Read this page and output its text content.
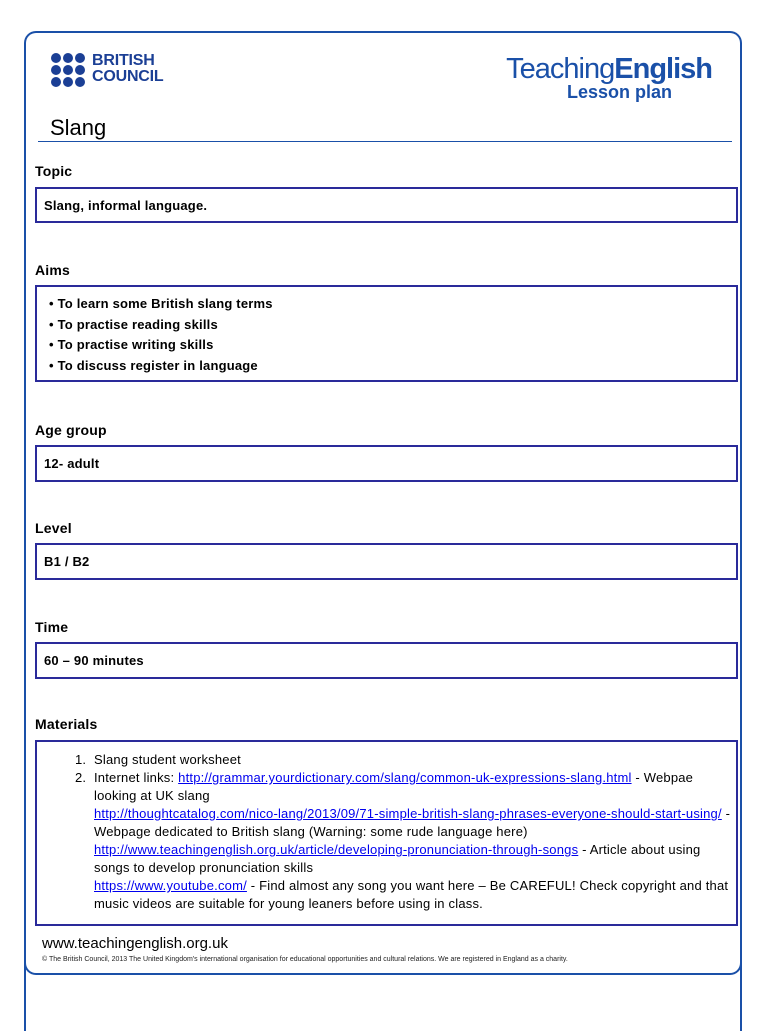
BRITISH
COUNCIL	TeachingEnglish
Lesson plan
Slang
Topic
Slang, informal language.
Aims
• To learn some British slang terms
• To practise reading skills
• To practise writing skills
• To discuss register in language
Age group
12- adult
Level
B1 / B2
Time
60 – 90 minutes
Materials
1. Slang student worksheet
2. Internet links: http://grammar.yourdictionary.com/slang/common-uk-expressions-slang.html - Webpae looking at UK slang
http://thoughtcatalog.com/nico-lang/2013/09/71-simple-british-slang-phrases-everyone-should-start-using/ - Webpage dedicated to British slang (Warning: some rude language here)
http://www.teachingenglish.org.uk/article/developing-pronunciation-through-songs - Article about using songs to develop pronunciation skills
https://www.youtube.com/ - Find almost any song you want here – Be CAREFUL! Check copyright and that music videos are suitable for young leaners before using in class.
www.teachingenglish.org.uk
© The British Council, 2013 The United Kingdom's international organisation for educational opportunities and cultural relations. We are registered in England as a charity.
